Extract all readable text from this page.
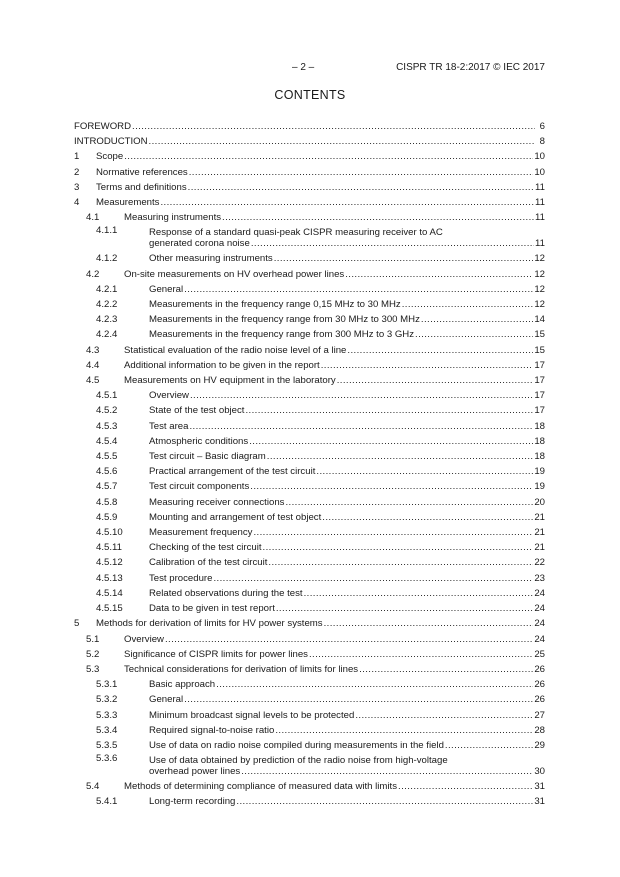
– 2 –	CISPR TR 18-2:2017 © IEC 2017
CONTENTS
FOREWORD .....	6
INTRODUCTION .....	8
1 Scope .....	10
2 Normative references .....	10
3 Terms and definitions .....	11
4 Measurements .....	11
4.1	Measuring instruments .....	11
4.1.1	Response of a standard quasi-peak CISPR measuring receiver to AC
generated corona noise .....	11
4.1.2	Other measuring instruments .....	12
4.2	On-site measurements on HV overhead power lines .....	12
4.2.1	General .....	12
4.2.2	Measurements in the frequency range 0,15 MHz to 30 MHz .....	12
4.2.3	Measurements in the frequency range from 30 MHz to 300 MHz .....	14
4.2.4	Measurements in the frequency range from 300 MHz to 3 GHz .....	15
4.3	Statistical evaluation of the radio noise level of a line .....	15
4.4	Additional information to be given in the report .....	17
4.5	Measurements on HV equipment in the laboratory .....	17
4.5.1	Overview .....	17
4.5.2	State of the test object .....	17
4.5.3	Test area .....	18
4.5.4	Atmospheric conditions .....	18
4.5.5	Test circuit – Basic diagram .....	18
4.5.6	Practical arrangement of the test circuit .....	19
4.5.7	Test circuit components .....	19
4.5.8	Measuring receiver connections .....	20
4.5.9	Mounting and arrangement of test object .....	21
4.5.10	Measurement frequency .....	21
4.5.11	Checking of the test circuit .....	21
4.5.12	Calibration of the test circuit .....	22
4.5.13	Test procedure .....	23
4.5.14	Related observations during the test .....	24
4.5.15	Data to be given in test report .....	24
5 Methods for derivation of limits for HV power systems .....	24
5.1	Overview .....	24
5.2	Significance of CISPR limits for power lines .....	25
5.3	Technical considerations for derivation of limits for lines .....	26
5.3.1	Basic approach .....	26
5.3.2	General .....	26
5.3.3	Minimum broadcast signal levels to be protected .....	27
5.3.4	Required signal-to-noise ratio .....	28
5.3.5	Use of data on radio noise compiled during measurements in the field .....	29
5.3.6	Use of data obtained by prediction of the radio noise from high-voltage
overhead power lines .....	30
5.4	Methods of determining compliance of measured data with limits .....	31
5.4.1	Long-term recording .....	31
